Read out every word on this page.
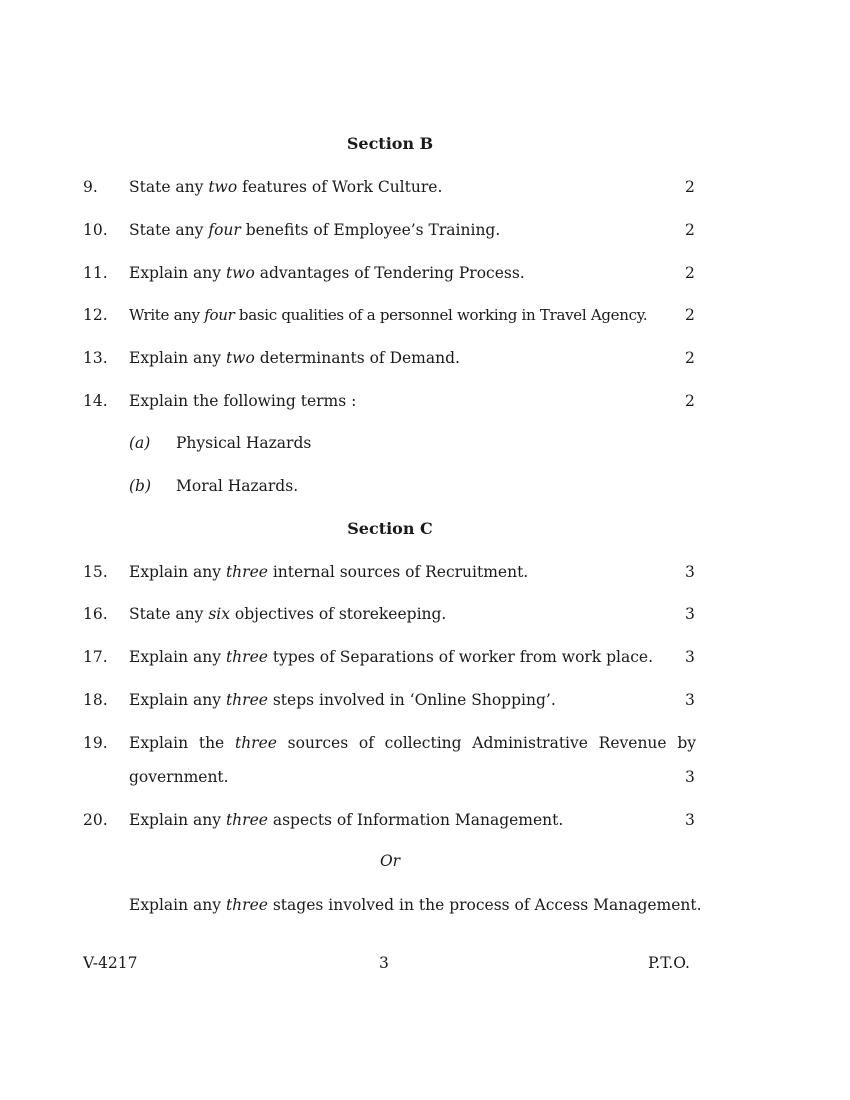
Section B
9. State any two features of Work Culture.	2
10. State any four benefits of Employee’s Training.	2
11. Explain any two advantages of Tendering Process.	2
12. Write any four basic qualities of a personnel working in Travel Agency. 2
13. Explain any two determinants of Demand.	2
14. Explain the following terms :	2
(a) Physical Hazards
(b) Moral Hazards.
Section C
15. Explain any three internal sources of Recruitment.	3
16. State any six objectives of storekeeping.	3
17. Explain any three types of Separations of worker from work place. 3
18. Explain any three steps involved in ‘Online Shopping’.	3
19. Explain the three sources of collecting Administrative Revenue by
government.	3
20. Explain any three aspects of Information Management.	3
Or
Explain any three stages involved in the process of Access Management.
V-4217	3	P.T.O.
